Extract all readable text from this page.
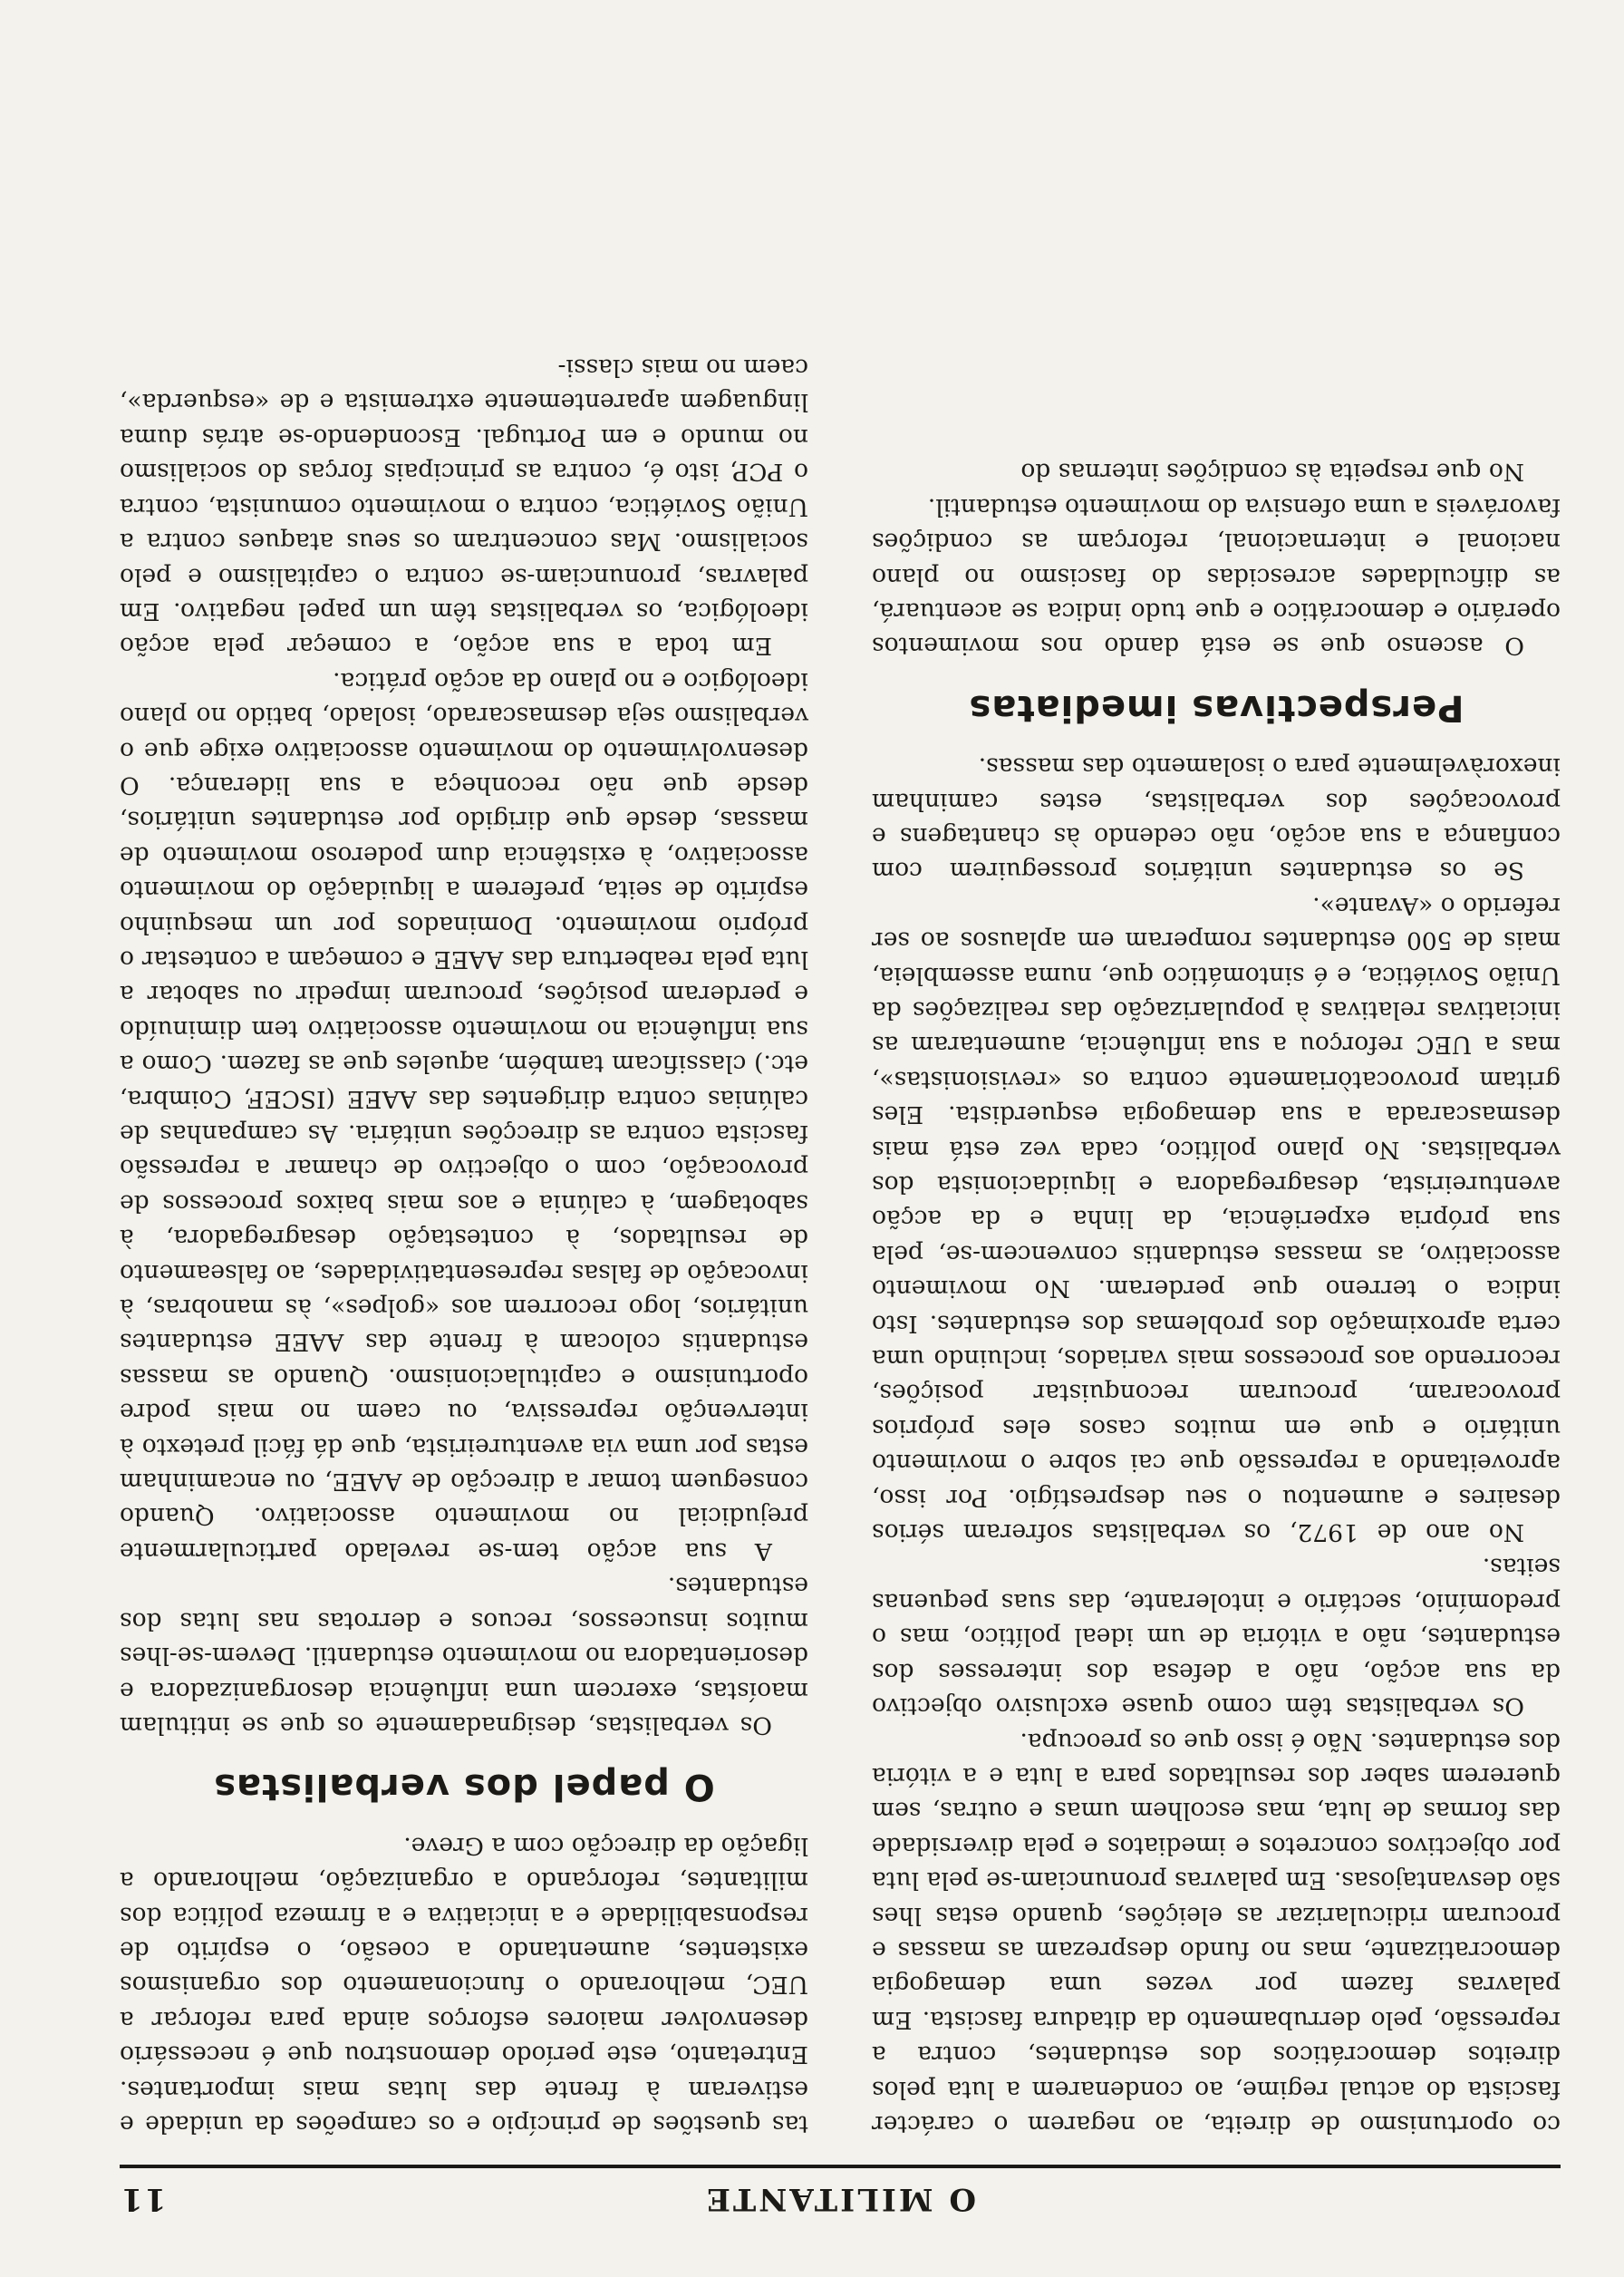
O MILITANTE
11

co oportunismo de direita, ao negarem o carácter fascista do actual regime, ao condenarem a luta pelos direitos democráticos dos estudantes, contra a repressão, pelo derrubamento da ditadura fascista. Em palavras fazem por vezes uma demagogia democratizante, mas no fundo desprezam as massas e procuram ridicularizar as eleições, quando estas lhes são desvantajosas. Em palavras pronunciam-se pela luta por objectivos concretos e imediatos e pela diversidade das formas de luta, mas escolhem umas e outras, sem quererem saber dos resultados para a luta e a vitória dos estudantes. Não é isso que os preocupa.

Os verbalistas têm como quase exclusivo objectivo da sua acção, não a defesa dos interesses dos estudantes, não a vitória de um ideal político, mas o predomínio, sectário e intolerante, das suas pequenas seitas.

No ano de 1972, os verbalistas sofreram sérios desaires e aumentou o seu desprestígio. Por isso, aproveitando a repressão que cai sobre o movimento unitário e que em muitos casos eles próprios provocaram, procuram reconquistar posições, recorrendo aos processos mais variados, incluindo uma certa aproximação dos problemas dos estudantes. Isto indica o terreno que perderam. No movimento associativo, as massas estudantis convencem-se, pela sua própria experiência, da linha e da acção aventureirista, desagregadora e liquidacionista dos verbalistas. No plano político, cada vez está mais desmascarada a sua demagogia esquerdista. Eles gritam provocatòriamente contra os «revisionistas», mas a UEC reforçou a sua influência, aumentaram as iniciativas relativas à popularização das realizações da União Soviética, e é sintomático que, numa assembleia, mais de 500 estudantes romperam em aplausos ao ser referido o «Avante».

Se os estudantes unitários prosseguirem com confiança a sua acção, não cedendo às chantagens e provocações dos verbalistas, estes caminham inexoràvelmente para o isolamento das massas.

Perspectivas imediatas

O ascenso que se está dando nos movimentos operário e democrático e que tudo indica se acentuará, as dificuldades acrescidas do fascismo no plano nacional e internacional, reforçam as condições favoráveis a uma ofensiva do movimento estudantil.

No que respeita às condições internas do

tas questões de princípio e os campeões da unidade e estiveram à frente das lutas mais importantes. Entretanto, este período demonstrou que é necessário desenvolver maiores esforços ainda para reforçar a UEC, melhorando o funcionamento dos organismos existentes, aumentando a coesão, o espírito de responsabilidade e a iniciativa e a firmeza política dos militantes, reforçando a organização, melhorando a ligação da direcção com a Greve.

O papel dos verbalistas

Os verbalistas, designadamente os que se intitulam maoístas, exercem uma influência desorganizadora e desorientadora no movimento estudantil. Devem-se-lhes muitos insucessos, recuos e derrotas nas lutas dos estudantes.

A sua acção tem-se revelado particularmente prejudicial no movimento associativo. Quando conseguem tomar a direcção de AAEE, ou encaminham estas por uma via aventureirista, que dá fácil pretexto à intervenção repressiva, ou caem no mais podre oportunismo e capitulacionismo. Quando as massas estudantis colocam à frente das AAEE estudantes unitários, logo recorrem aos «golpes», às manobras, à invocação de falsas representatividades, ao falseamento de resultados, à contestação desagregadora, à sabotagem, à calúnia e aos mais baixos processos de provocação, com o objectivo de chamar a repressão fascista contra as direcções unitária. As campanhas de calúnias contra dirigentes das AAEE (ISCEF, Coimbra, etc.) classificam também, aqueles que as fazem. Como a sua influência no movimento associativo tem diminuído e perderam posições, procuram impedir ou sabotar a luta pela reabertura das AAEE e começam a contestar o próprio movimento. Dominados por um mesquinho espírito de seita, preferem a liquidação do movimento associativo, à existência dum poderoso movimento de massas, desde que dirigido por estudantes unitários, desde que não reconheça a sua liderança. O desenvolvimento do movimento associativo exige que o verbalismo seja desmascarado, isolado, batido no plano ideológico e no plano da acção prática.

Em toda a sua acção, a começar pela acção ideológica, os verbalistas têm um papel negativo. Em palavras, pronunciam-se contra o capitalismo e pelo socialismo. Mas concentram os seus ataques contra a União Soviética, contra o movimento comunista, contra o PCP, isto é, contra as principais forças do socialismo no mundo e em Portugal. Escondendo-se atrás duma linguagem aparentemente extremista e de «esquerda», caem no mais classi-
